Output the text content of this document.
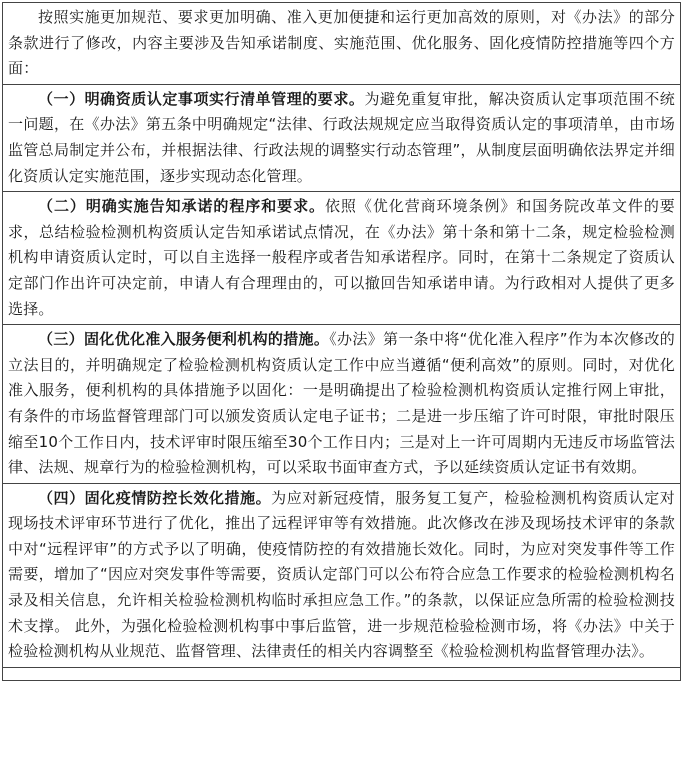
按照实施更加规范、要求更加明确、准入更加便捷和运行更加高效的原则，对《办法》的部分条款进行了修改，内容主要涉及告知承诺制度、实施范围、优化服务、固化疫情防控措施等四个方面：
（一）明确资质认定事项实行清单管理的要求。为避免重复审批，解决资质认定事项范围不统一问题，在《办法》第五条中明确规定“法律、行政法规规定应当取得资质认定的事项清单，由市场监管总局制定并公布，并根据法律、行政法规的调整实行动态管理”，从制度层面明确依法界定并细化资质认定实施范围，逐步实现动态化管理。
（二）明确实施告知承诺的程序和要求。依照《优化营商环境条例》和国务院改革文件的要求，总结检验检测机构资质认定告知承诺试点情况，在《办法》第十条和第十二条，规定检验检测机构申请资质认定时，可以自主选择一般程序或者告知承诺程序。同时，在第十二条规定了资质认定部门作出许可决定前，申请人有合理理由的，可以撤回告知承诺申请。为行政相对人提供了更多选择。
（三）固化优化准入服务便利机构的措施。《办法》第一条中将“优化准入程序”作为本次修改的立法目的，并明确规定了检验检测机构资质认定工作中应当遵循“便利高效”的原则。同时，对优化准入服务，便利机构的具体措施予以固化：一是明确提出了检验检测机构资质认定推行网上审批，有条件的市场监督管理部门可以颁发资质认定电子证书；二是进一步压缩了许可时限，审批时限压缩至10个工作日内，技术评审时限压缩至30个工作日内；三是对上一许可周期内无违反市场监管法律、法规、规章行为的检验检测机构，可以采取书面审查方式，予以延续资质认定证书有效期。
（四）固化疫情防控长效化措施。为应对新冠疫情，服务复工复产，检验检测机构资质认定对现场技术评审环节进行了优化，推出了远程评审等有效措施。此次修改在涉及现场技术评审的条款中对“远程评审”的方式予以了明确，使疫情防控的有效措施长效化。同时，为应对突发事件等工作需要，增加了“因应对突发事件等需要，资质认定部门可以公布符合应急工作要求的检验检测机构名录及相关信息，允许相关检验检测机构临时承担应急工作。”的条款，以保证应急所需的检验检测技术支撑。 此外，为强化检验检测机构事中事后监管，进一步规范检验检测市场，将《办法》中关于检验检测机构从业规范、监督管理、法律责任的相关内容调整至《检验检测机构监督管理办法》。
